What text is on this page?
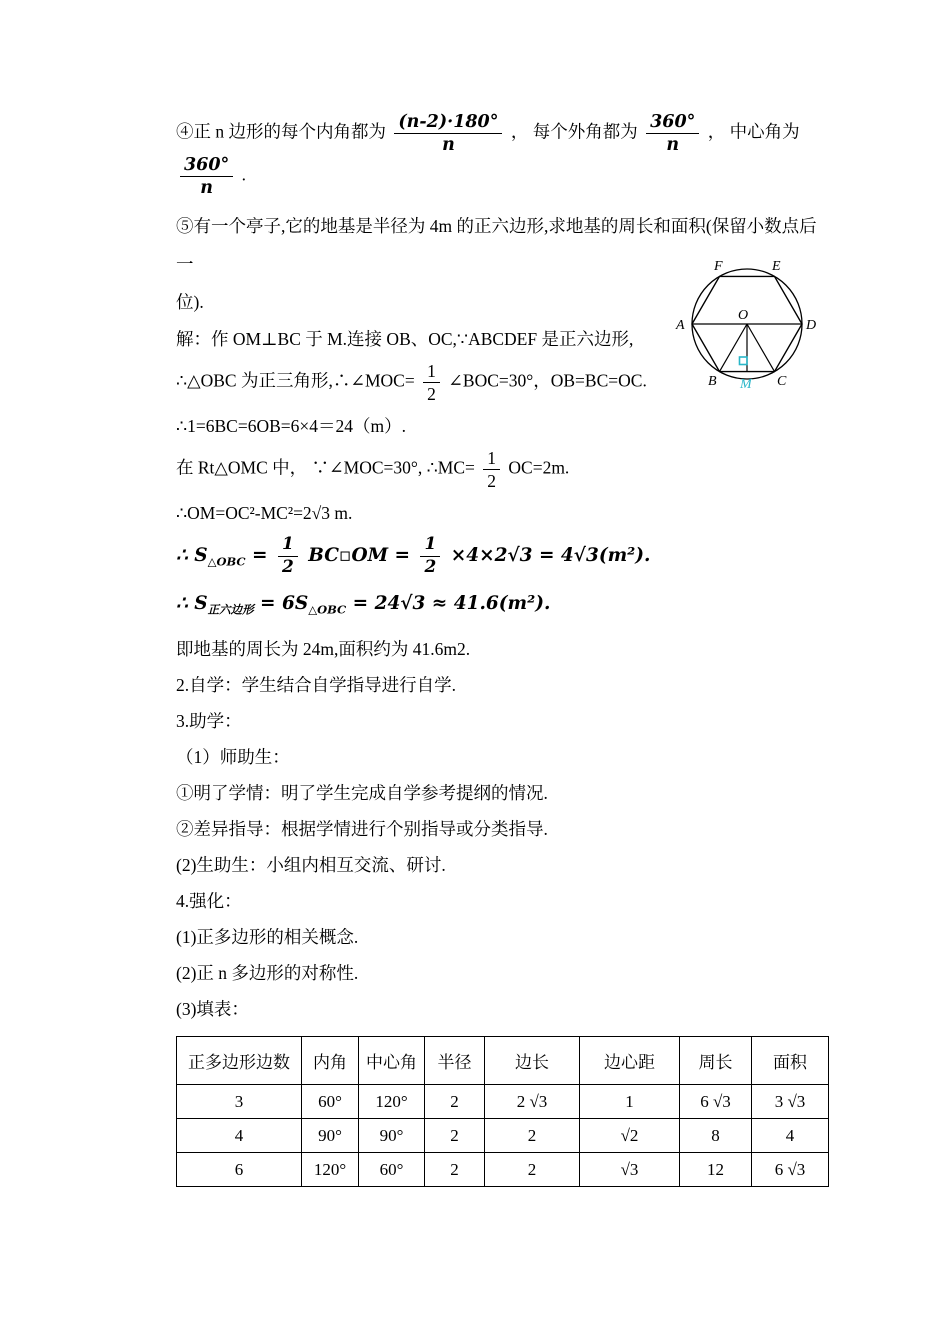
④正 n 边形的每个内角都为 $\frac{(n-2)\cdot 180^\circ}{n}$ ， 每个外角都为 $\frac{360^\circ}{n}$ ， 中心角为
$\frac{360^\circ}{n}$ .

⑤有一个亭子,它的地基是半径为 4m 的正六边形,求地基的周长和面积(保留小数点后一
位).

解：作 OM⊥BC 于 M.连接 OB、OC,∵ABCDEF 是正六边形,

∴△OBC 为正三角形,∴∠MOC= $\frac{1}{2}$ ∠BOC=30°，OB=BC=OC.

∴1=6BC=6OB=6×4＝24（m）.

在 Rt△OMC 中， ∵∠MOC=30°, ∴MC= $\frac{1}{2} OC=2m$.

∴OM=OC²-MC²=2√3 m.

∴ $S_{\triangle OBC} = \frac{1}{2}$ BC▫OM = $\frac{1}{2} \times 4\times 2√3 = 4√3(m^2)$.

∴ $S_{正六边形} = 6S_{\triangle OBC} = 24√3 \approx 41.6(m^2)$.

即地基的周长为 24m,面积约为 41.6m2.

2.自学：学生结合自学指导进行自学.

3.助学：

（1）师助生：

①明了学情：明了学生完成自学参考提纲的情况.

②差异指导：根据学情进行个别指导或分类指导.

(2)生助生：小组内相互交流、研讨.

4.强化：

(1)正多边形的相关概念.

(2)正 n 多边形的对称性.

(3)填表：

正多边形边数	内角	中心角	半径	边长	边心距	周长	面积
3	60°	120°	2	2 √3	1	6 √3	3 √3
4	90°	90°	2	2	√2	8	4
6	120°	60°	2	2	√3	12	6 √3
F	E
A	D
O
B	C
M
